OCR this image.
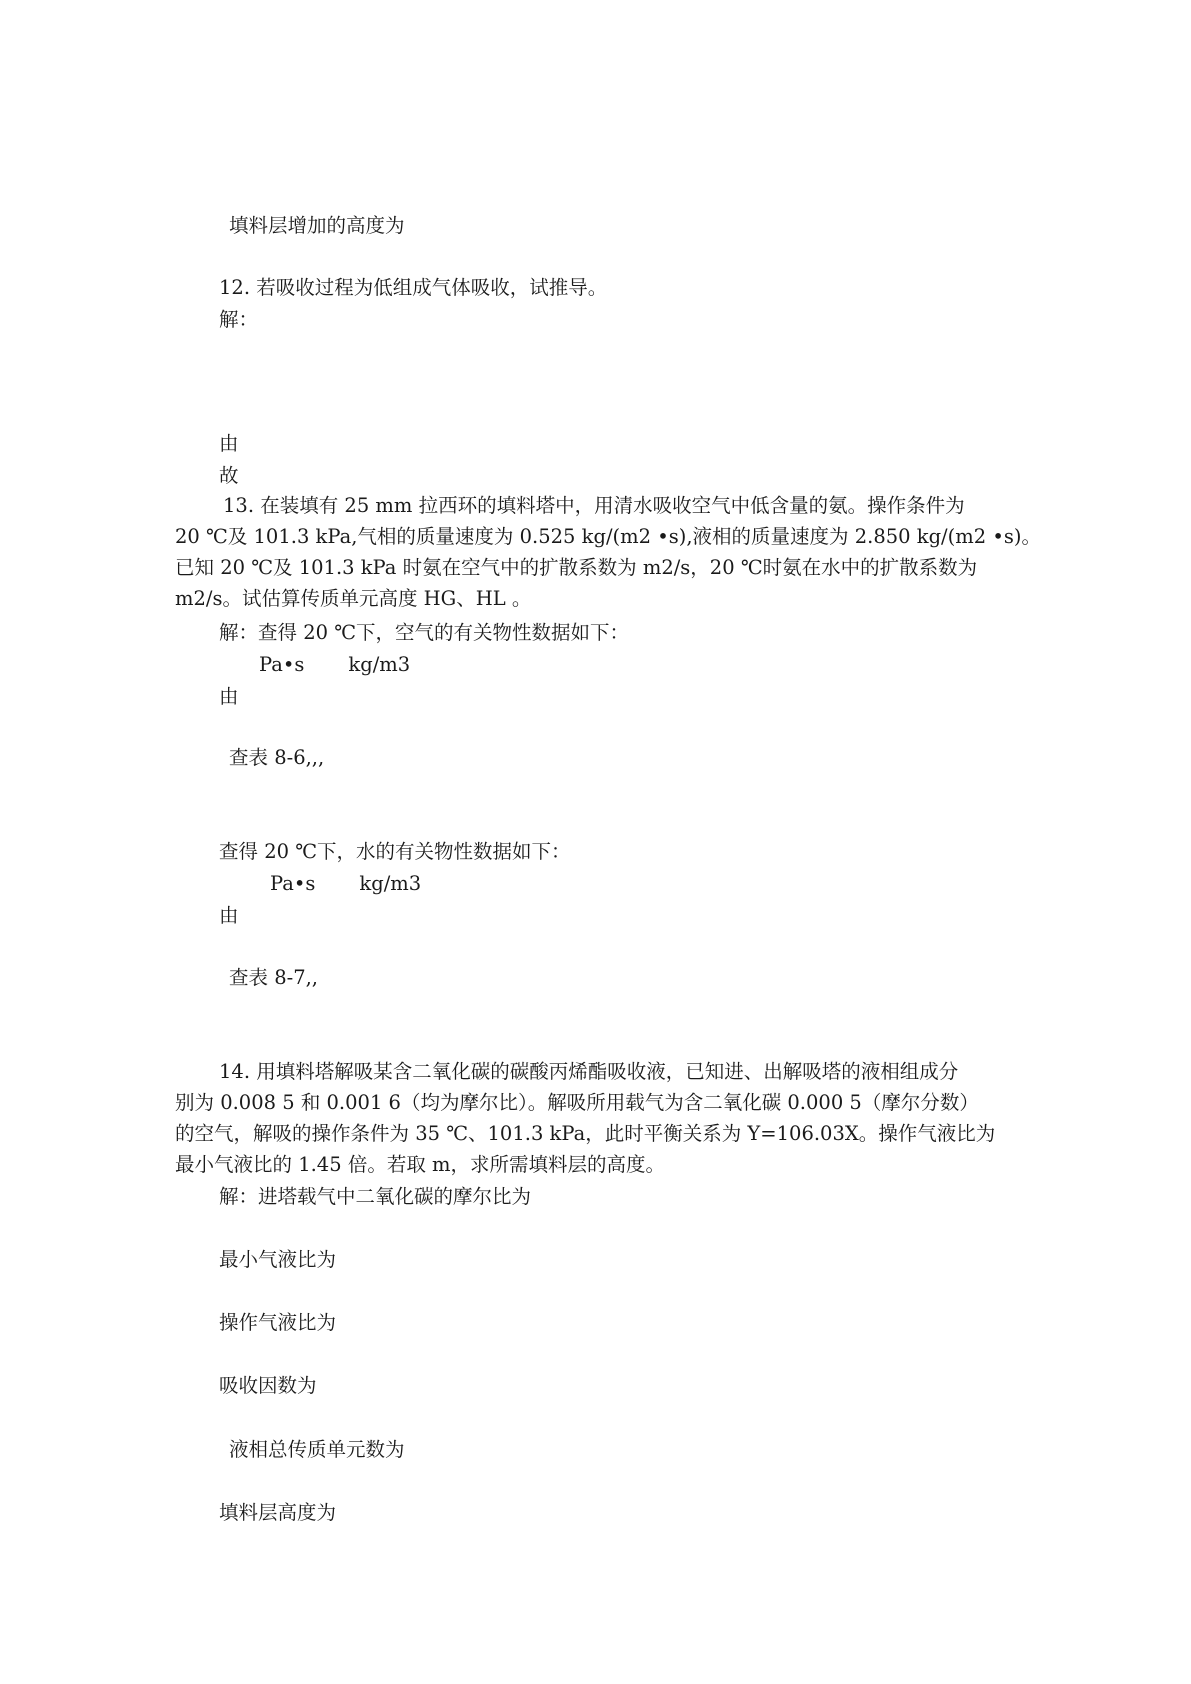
填料层增加的高度为

12. 若吸收过程为低组成气体吸收，试推导。

解：

由

故

13. 在装填有 25 mm 拉西环的填料塔中，用清水吸收空气中低含量的氨。操作条件为

20 ℃及 101.3 kPa,气相的质量速度为 0.525 kg/(m2 •s),液相的质量速度为 2.850 kg/(m2 •s)。

已知 20 ℃及 101.3 kPa 时氨在空气中的扩散系数为 m2/s，20 ℃时氨在水中的扩散系数为

m2/s。试估算传质单元高度 HG、HL 。

解：查得 20 ℃下，空气的有关物性数据如下：

Pa•s kg/m3

由

查表 8-6,,,

查得 20 ℃下，水的有关物性数据如下：

Pa•s kg/m3

由

查表 8-7,,

14. 用填料塔解吸某含二氧化碳的碳酸丙烯酯吸收液，已知进、出解吸塔的液相组成分

别为 0.008 5 和 0.001 6（均为摩尔比）。解吸所用载气为含二氧化碳 0.000 5（摩尔分数）

的空气，解吸的操作条件为 35 ℃、101.3 kPa，此时平衡关系为 Y=106.03X。操作气液比为

最小气液比的 1.45 倍。若取 m，求所需填料层的高度。

解：进塔载气中二氧化碳的摩尔比为

最小气液比为

操作气液比为

吸收因数为

液相总传质单元数为

填料层高度为
